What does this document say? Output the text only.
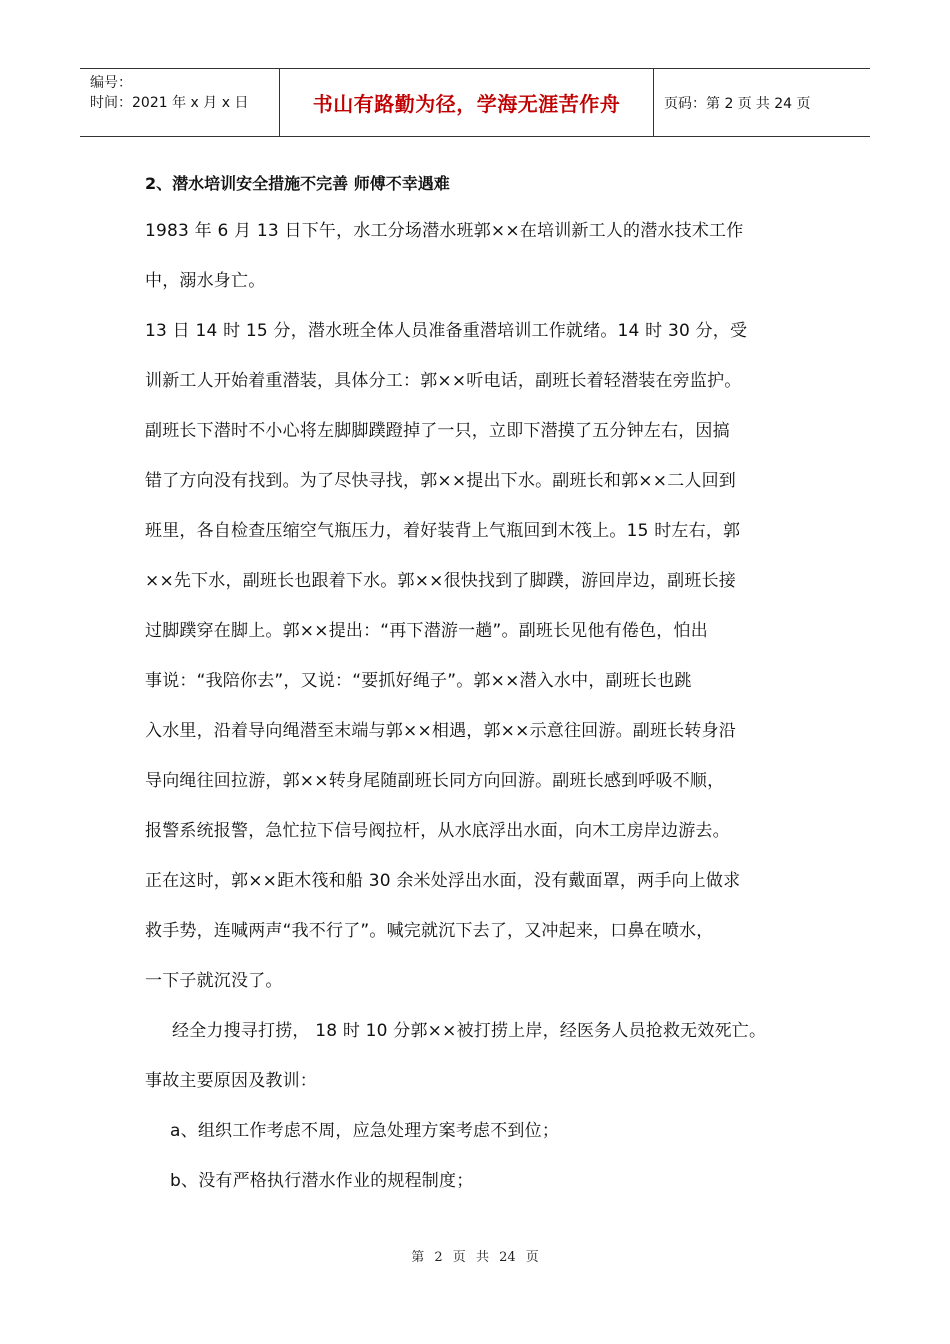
编号：
时间：2021 年 x 月 x 日	书山有路勤为径，学海无涯苦作舟	页码：第 2 页 共 24 页
2、潜水培训安全措施不完善 师傅不幸遇难

1983 年 6 月 13 日下午，水工分场潜水班郭××在培训新工人的潜水技术工作

中，溺水身亡。

13 日 14 时 15 分，潜水班全体人员准备重潜培训工作就绪。14 时 30 分，受

训新工人开始着重潜装，具体分工：郭××听电话，副班长着轻潜装在旁监护。

副班长下潜时不小心将左脚脚蹼蹬掉了一只，立即下潜摸了五分钟左右，因搞

错了方向没有找到。为了尽快寻找，郭××提出下水。副班长和郭××二人回到

班里，各自检查压缩空气瓶压力，着好装背上气瓶回到木筏上。15 时左右，郭

××先下水，副班长也跟着下水。郭××很快找到了脚蹼，游回岸边，副班长接

过脚蹼穿在脚上。郭××提出：“再下潜游一趟”。副班长见他有倦色，怕出

事说：“我陪你去”，又说：“要抓好绳子”。郭××潜入水中，副班长也跳

入水里，沿着导向绳潜至末端与郭××相遇，郭××示意往回游。副班长转身沿

导向绳往回拉游，郭××转身尾随副班长同方向回游。副班长感到呼吸不顺，

报警系统报警，急忙拉下信号阀拉杆，从水底浮出水面，向木工房岸边游去。

正在这时，郭××距木筏和船 30 余米处浮出水面，没有戴面罩，两手向上做求

救手势，连喊两声“我不行了”。喊完就沉下去了，又冲起来，口鼻在喷水，

一下子就沉没了。

经全力搜寻打捞， 18 时 10 分郭××被打捞上岸，经医务人员抢救无效死亡。

事故主要原因及教训：

a、组织工作考虑不周，应急处理方案考虑不到位；

b、没有严格执行潜水作业的规程制度；

第 2 页 共 24 页
